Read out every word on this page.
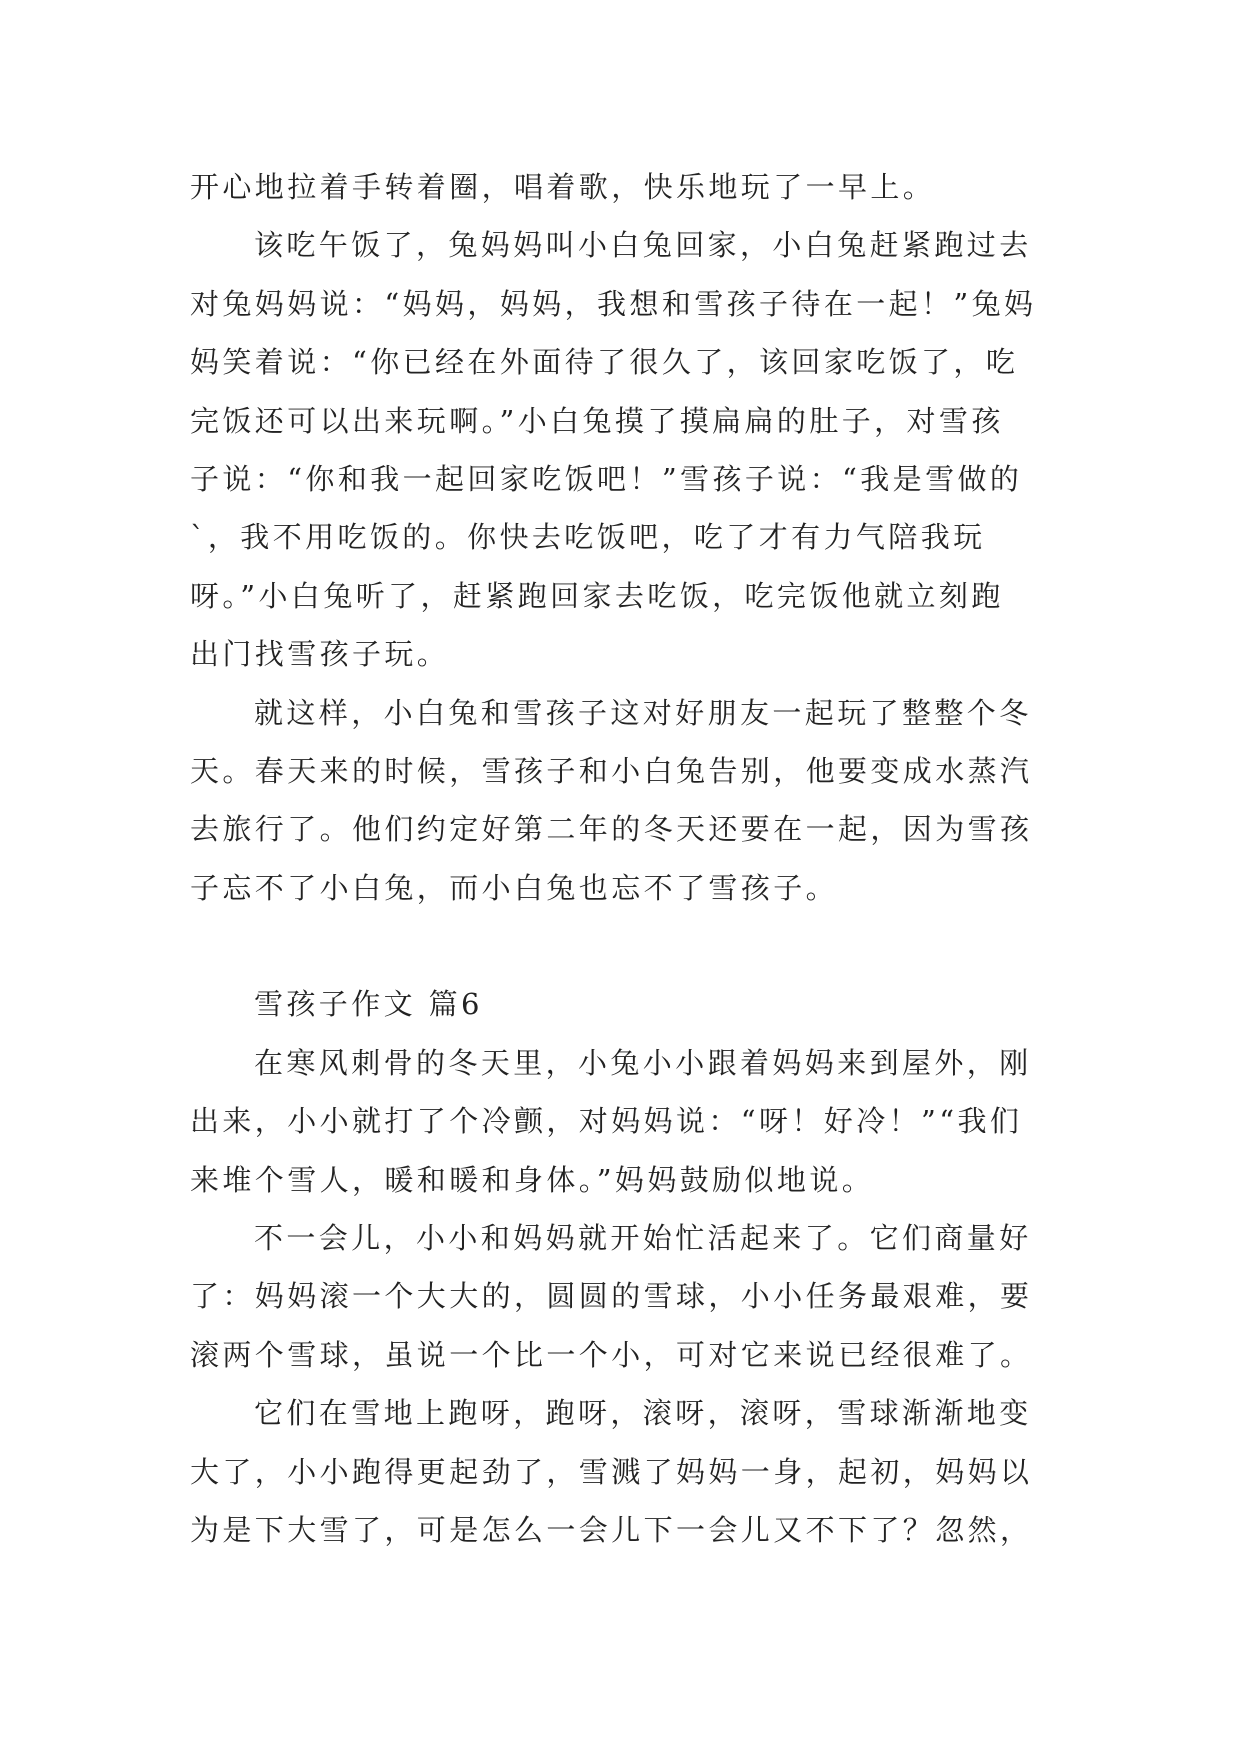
开心地拉着手转着圈，唱着歌，快乐地玩了一早上。
该吃午饭了，兔妈妈叫小白兔回家，小白兔赶紧跑过去
对兔妈妈说：“妈妈，妈妈，我想和雪孩子待在一起！”兔妈
妈笑着说：“你已经在外面待了很久了，该回家吃饭了，吃
完饭还可以出来玩啊。”小白兔摸了摸扁扁的肚子，对雪孩
子说：“你和我一起回家吃饭吧！”雪孩子说：“我是雪做的
`，我不用吃饭的。你快去吃饭吧，吃了才有力气陪我玩
呀。”小白兔听了，赶紧跑回家去吃饭，吃完饭他就立刻跑
出门找雪孩子玩。
就这样，小白兔和雪孩子这对好朋友一起玩了整整个冬
天。春天来的时候，雪孩子和小白兔告别，他要变成水蒸汽
去旅行了。他们约定好第二年的冬天还要在一起，因为雪孩
子忘不了小白兔，而小白兔也忘不了雪孩子。
雪孩子作文 篇6
在寒风刺骨的冬天里，小兔小小跟着妈妈来到屋外，刚
出来，小小就打了个冷颤，对妈妈说：“呀！好冷！”“我们
来堆个雪人，暖和暖和身体。”妈妈鼓励似地说。
不一会儿，小小和妈妈就开始忙活起来了。它们商量好
了：妈妈滚一个大大的，圆圆的雪球，小小任务最艰难，要
滚两个雪球，虽说一个比一个小，可对它来说已经很难了。
它们在雪地上跑呀，跑呀，滚呀，滚呀，雪球渐渐地变
大了，小小跑得更起劲了，雪溅了妈妈一身，起初，妈妈以
为是下大雪了，可是怎么一会儿下一会儿又不下了？忽然，
